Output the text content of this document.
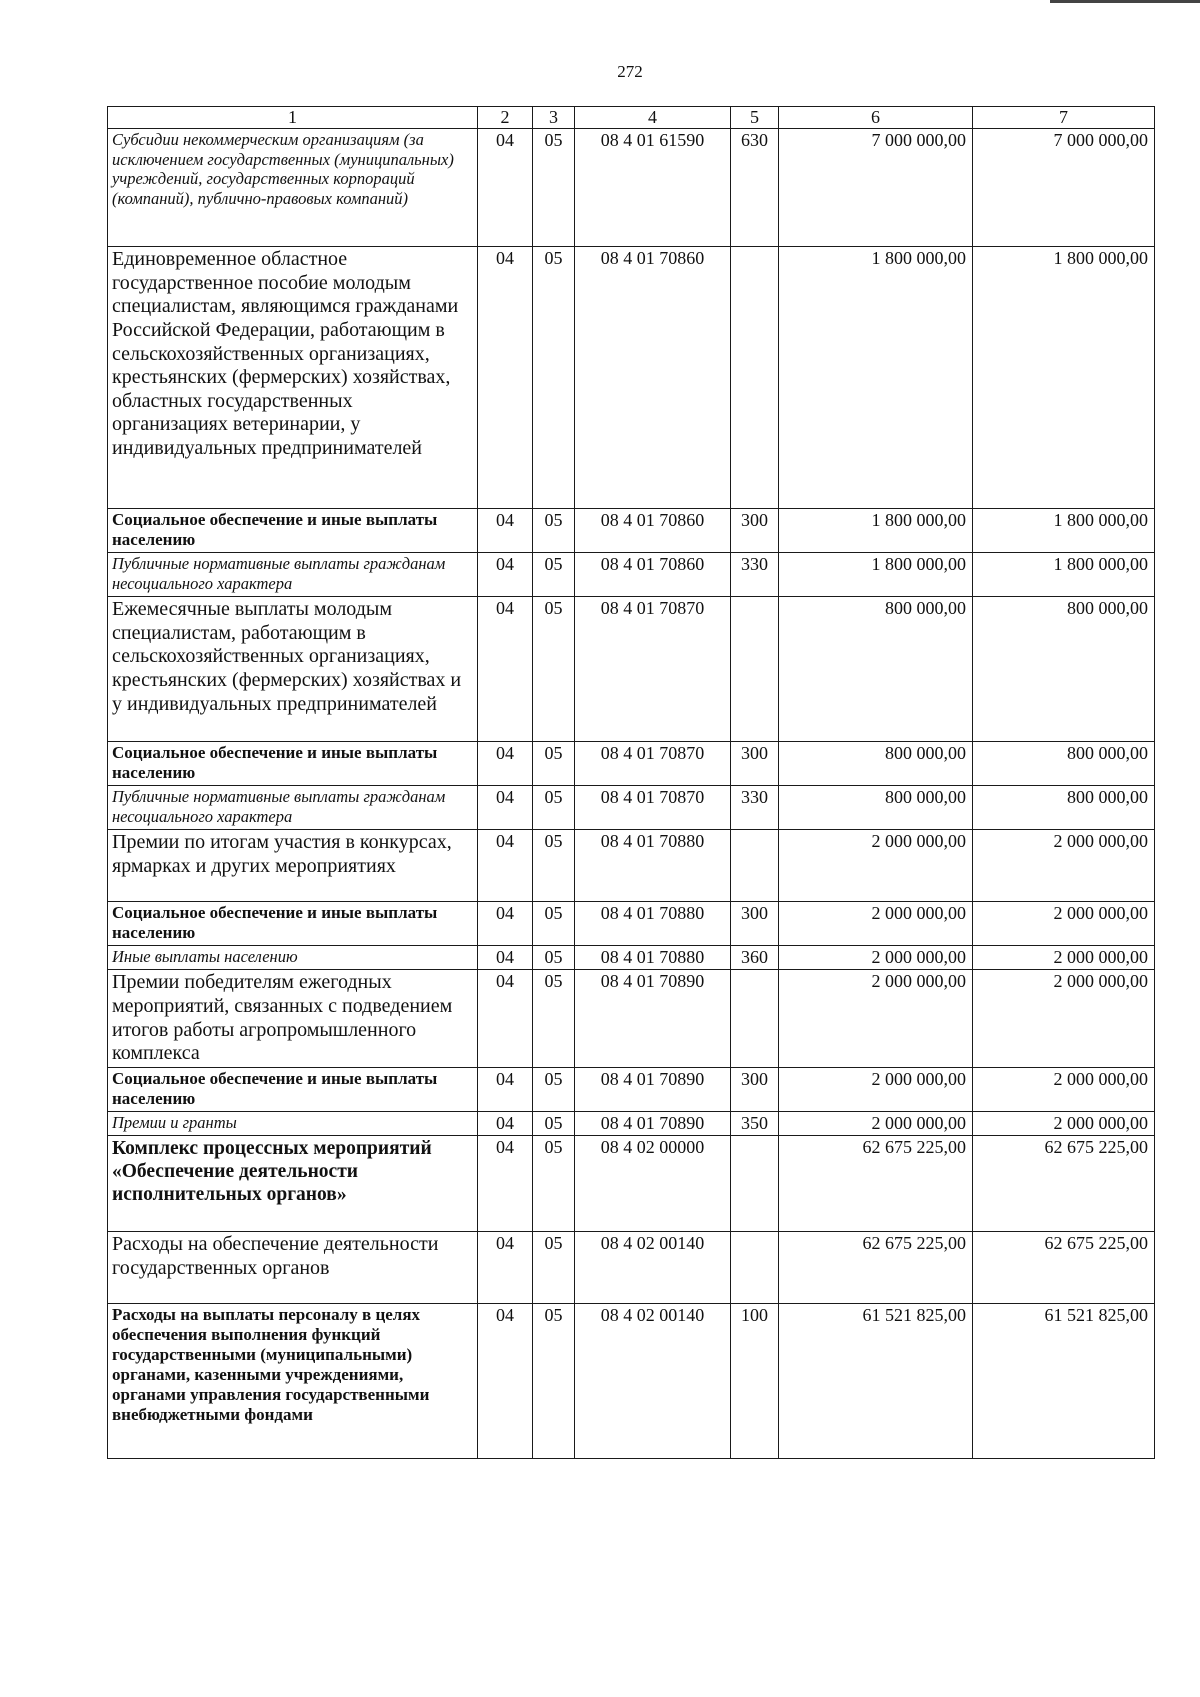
272
1	2	3	4	5	6	7
Субсидии некоммерческим организациям (за исключением государственных (муниципальных) учреждений, государственных корпораций (компаний), публично-правовых компаний)	04	05	08 4 01 61590	630	7 000 000,00	7 000 000,00
Единовременное областное государственное пособие молодым специалистам, являющимся гражданами Российской Федерации, работающим в сельскохозяйственных организациях, крестьянских (фермерских) хозяйствах, областных государственных организациях ветеринарии, у индивидуальных предпринимателей	04	05	08 4 01 70860		1 800 000,00	1 800 000,00
Социальное обеспечение и иные выплаты населению	04	05	08 4 01 70860	300	1 800 000,00	1 800 000,00
Публичные нормативные выплаты гражданам несоциального характера	04	05	08 4 01 70860	330	1 800 000,00	1 800 000,00
Ежемесячные выплаты молодым специалистам, работающим в сельскохозяйственных организациях, крестьянских (фермерских) хозяйствах и у индивидуальных предпринимателей	04	05	08 4 01 70870		800 000,00	800 000,00
Социальное обеспечение и иные выплаты населению	04	05	08 4 01 70870	300	800 000,00	800 000,00
Публичные нормативные выплаты гражданам несоциального характера	04	05	08 4 01 70870	330	800 000,00	800 000,00
Премии по итогам участия в конкурсах, ярмарках и других мероприятиях	04	05	08 4 01 70880		2 000 000,00	2 000 000,00
Социальное обеспечение и иные выплаты населению	04	05	08 4 01 70880	300	2 000 000,00	2 000 000,00
Иные выплаты населению	04	05	08 4 01 70880	360	2 000 000,00	2 000 000,00
Премии победителям ежегодных мероприятий, связанных с подведением итогов работы агропромышленного комплекса	04	05	08 4 01 70890		2 000 000,00	2 000 000,00
Социальное обеспечение и иные выплаты населению	04	05	08 4 01 70890	300	2 000 000,00	2 000 000,00
Премии и гранты	04	05	08 4 01 70890	350	2 000 000,00	2 000 000,00
Комплекс процессных мероприятий «Обеспечение деятельности исполнительных органов»	04	05	08 4 02 00000		62 675 225,00	62 675 225,00
Расходы на обеспечение деятельности государственных органов	04	05	08 4 02 00140		62 675 225,00	62 675 225,00
Расходы на выплаты персоналу в целях обеспечения выполнения функций государственными (муниципальными) органами, казенными учреждениями, органами управления государственными внебюджетными фондами	04	05	08 4 02 00140	100	61 521 825,00	61 521 825,00
